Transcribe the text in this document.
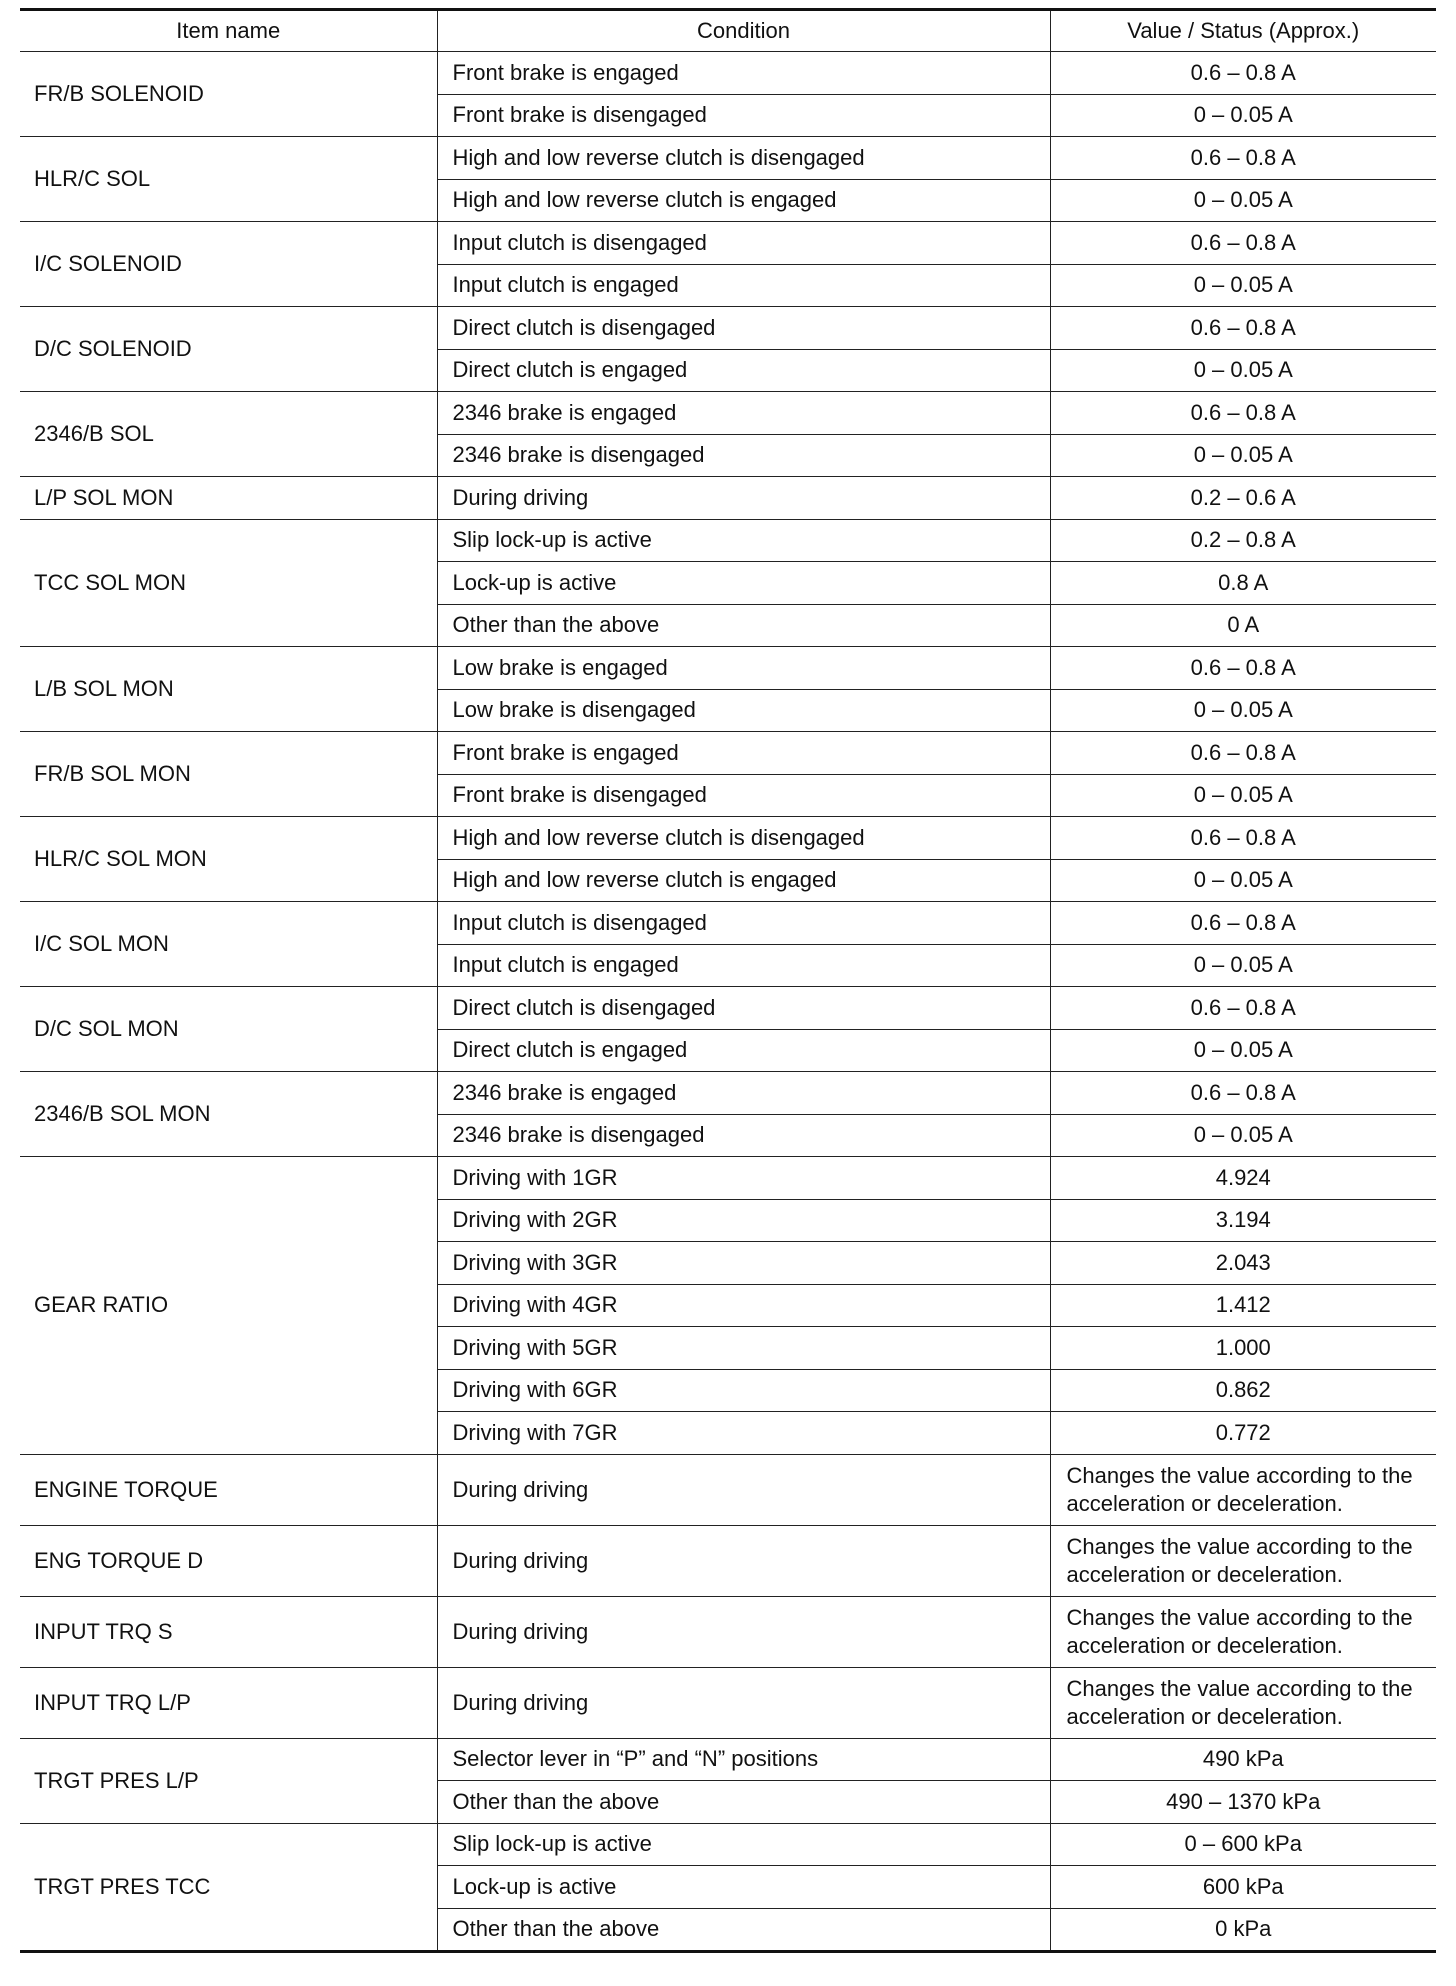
Item name	Condition	Value / Status (Approx.)
FR/B SOLENOID	Front brake is engaged	0.6 – 0.8 A
	Front brake is disengaged	0 – 0.05 A
HLR/C SOL	High and low reverse clutch is disengaged	0.6 – 0.8 A
	High and low reverse clutch is engaged	0 – 0.05 A
I/C SOLENOID	Input clutch is disengaged	0.6 – 0.8 A
	Input clutch is engaged	0 – 0.05 A
D/C SOLENOID	Direct clutch is disengaged	0.6 – 0.8 A
	Direct clutch is engaged	0 – 0.05 A
2346/B SOL	2346 brake is engaged	0.6 – 0.8 A
	2346 brake is disengaged	0 – 0.05 A
L/P SOL MON	During driving	0.2 – 0.6 A
TCC SOL MON	Slip lock-up is active	0.2 – 0.8 A
	Lock-up is active	0.8 A
	Other than the above	0 A
L/B SOL MON	Low brake is engaged	0.6 – 0.8 A
	Low brake is disengaged	0 – 0.05 A
FR/B SOL MON	Front brake is engaged	0.6 – 0.8 A
	Front brake is disengaged	0 – 0.05 A
HLR/C SOL MON	High and low reverse clutch is disengaged	0.6 – 0.8 A
	High and low reverse clutch is engaged	0 – 0.05 A
I/C SOL MON	Input clutch is disengaged	0.6 – 0.8 A
	Input clutch is engaged	0 – 0.05 A
D/C SOL MON	Direct clutch is disengaged	0.6 – 0.8 A
	Direct clutch is engaged	0 – 0.05 A
2346/B SOL MON	2346 brake is engaged	0.6 – 0.8 A
	2346 brake is disengaged	0 – 0.05 A
GEAR RATIO	Driving with 1GR	4.924
	Driving with 2GR	3.194
	Driving with 3GR	2.043
	Driving with 4GR	1.412
	Driving with 5GR	1.000
	Driving with 6GR	0.862
	Driving with 7GR	0.772
ENGINE TORQUE	During driving	Changes the value according to the acceleration or deceleration.
ENG TORQUE D	During driving	Changes the value according to the acceleration or deceleration.
INPUT TRQ S	During driving	Changes the value according to the acceleration or deceleration.
INPUT TRQ L/P	During driving	Changes the value according to the acceleration or deceleration.
TRGT PRES L/P	Selector lever in “P” and “N” positions	490 kPa
	Other than the above	490 – 1370 kPa
TRGT PRES TCC	Slip lock-up is active	0 – 600 kPa
	Lock-up is active	600 kPa
	Other than the above	0 kPa
